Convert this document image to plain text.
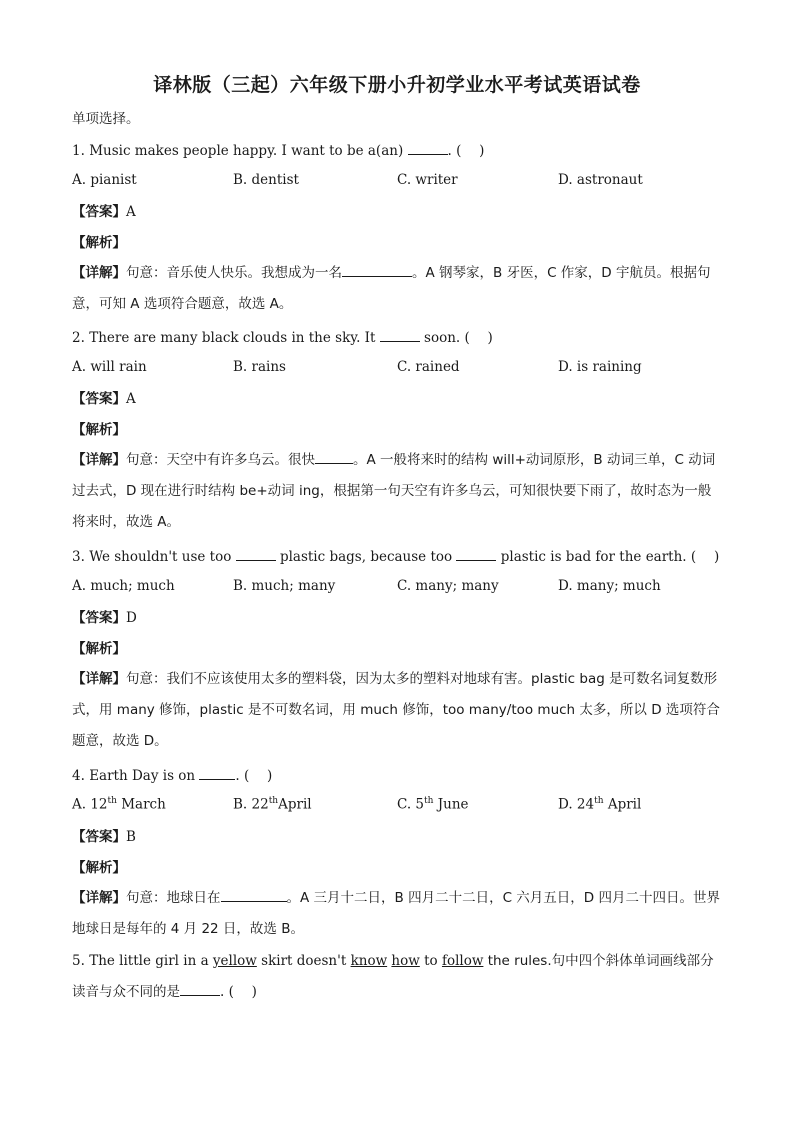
译林版（三起）六年级下册小升初学业水平考试英语试卷
单项选择。
1. Music makes people happy. I want to be a(an)	. (　 )
A. pianist	B. dentist	C. writer	D. astronaut
【答案】A
【解析】
【详解】句意：音乐使人快乐。我想成为一名	。A 钢琴家，B 牙医，C 作家，D 宇航员。根据句意，可知 A 选项符合题意，故选 A。
2. There are many black clouds in the sky. It	soon. (　 )
A. will rain	B. rains	C. rained	D. is raining
【答案】A
【解析】
【详解】句意：天空中有许多乌云。很快	。A 一般将来时的结构 will+动词原形，B 动词三单，C 动词过去式，D 现在进行时结构 be+动词 ing，根据第一句天空有许多乌云，可知很快要下雨了，故时态为一般将来时，故选 A。
3. We shouldn't use too	plastic bags, because too	plastic is bad for the earth. (　 )
A. much; much	B. much; many	C. many; many	D. many; much
【答案】D
【解析】
【详解】句意：我们不应该使用太多的塑料袋，因为太多的塑料对地球有害。plastic bag 是可数名词复数形式，用 many 修饰，plastic 是不可数名词，用 much 修饰，too many/too much 太多，所以 D 选项符合题意，故选 D。
4. Earth Day is on	. (　 )
A. 12th March	B. 22thApril	C. 5th June	D. 24th April
【答案】B
【解析】
【详解】句意：地球日在	。A 三月十二日，B 四月二十二日，C 六月五日，D 四月二十四日。世界地球日是每年的 4 月 22 日，故选 B。
5. The little girl in a yellow skirt doesn't know how to follow the rules.句中四个斜体单词画线部分读音与众不同的是	. (　 )
